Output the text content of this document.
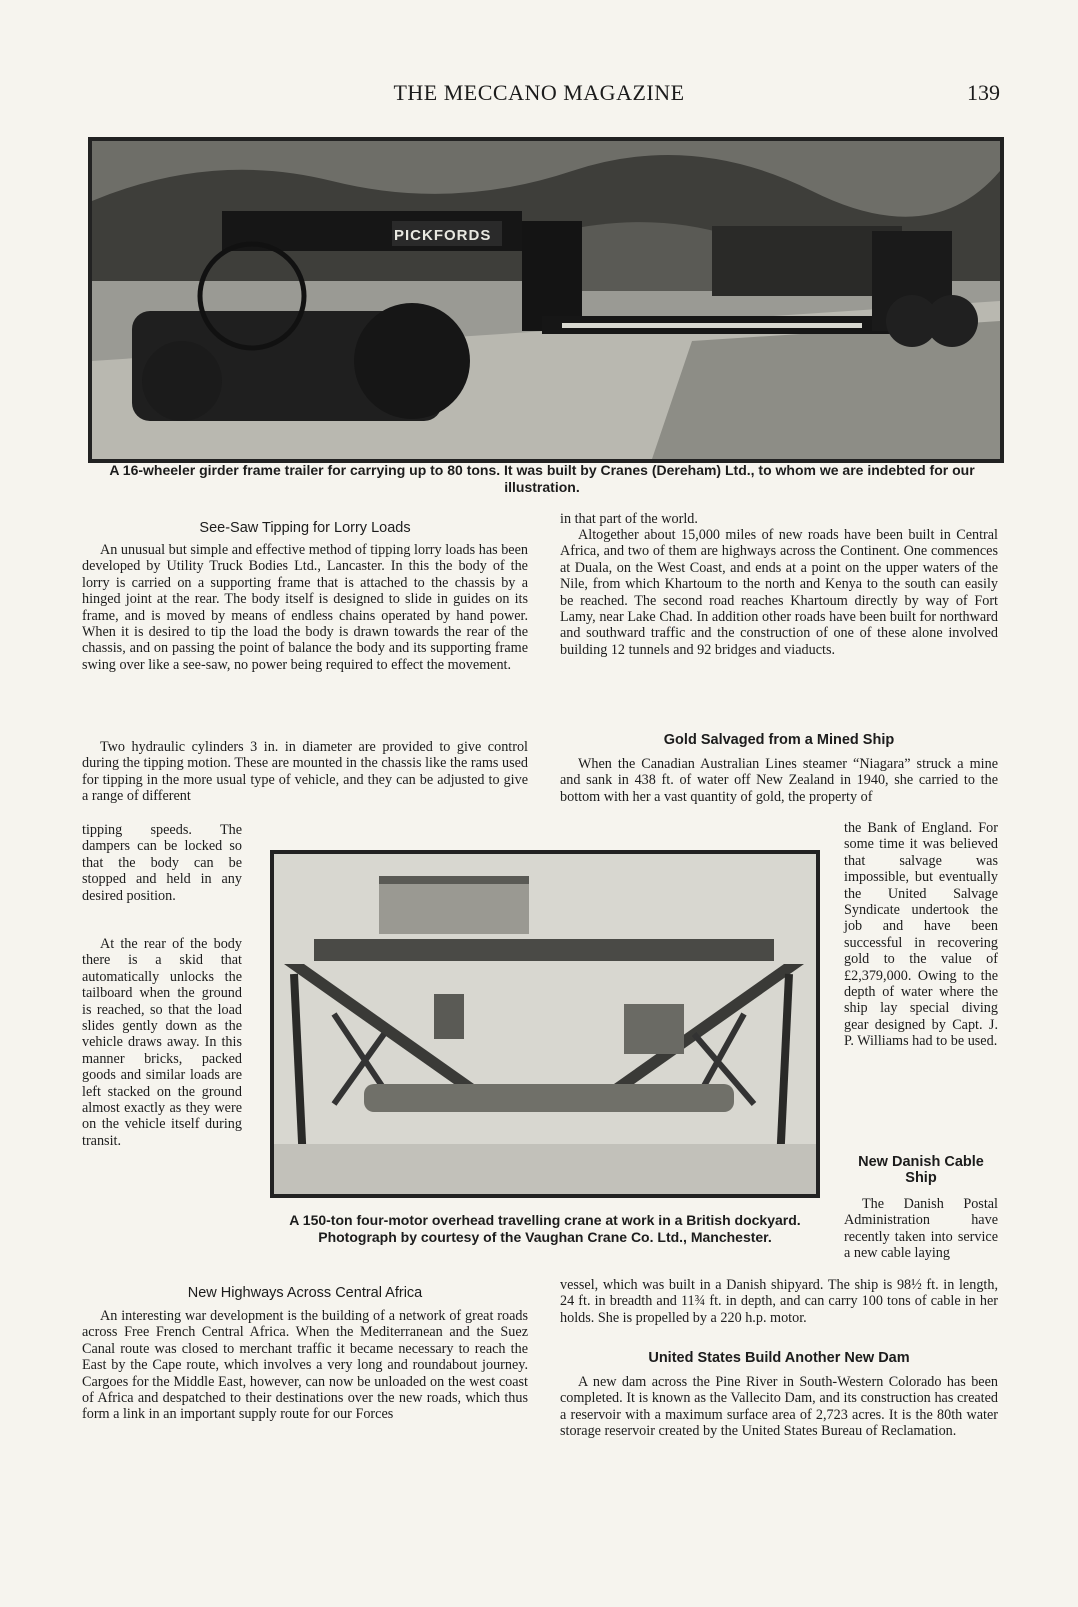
THE MECCANO MAGAZINE	139
PICKFORDS
A 16-wheeler girder frame trailer for carrying up to 80 tons. It was built by Cranes (Dereham) Ltd., to whom we are indebted for our illustration.
See-Saw Tipping for Lorry Loads

An unusual but simple and effective method of tipping lorry loads has been developed by Utility Truck Bodies Ltd., Lancaster. In this the body of the lorry is carried on a supporting frame that is attached to the chassis by a hinged joint at the rear. The body itself is designed to slide in guides on its frame, and is moved by means of endless chains operated by hand power. When it is desired to tip the load the body is drawn towards the rear of the chassis, and on passing the point of balance the body and its supporting frame swing over like a see-saw, no power being required to effect the movement.

Two hydraulic cylinders 3 in. in diameter are provided to give control during the tipping motion. These are mounted in the chassis like the rams used for tipping in the more usual type of vehicle, and they can be adjusted to give a range of different

tipping speeds. The dampers can be locked so that the body can be stopped and held in any desired position.

At the rear of the body there is a skid that automatically unlocks the tailboard when the ground is reached, so that the load slides gently down as the vehicle draws away. In this manner bricks, packed goods and similar loads are left stacked on the ground almost exactly as they were on the vehicle itself during transit.

A 150-ton four-motor overhead travelling crane at work in a British dockyard. Photograph by courtesy of the Vaughan Crane Co. Ltd., Manchester.
New Highways Across Central Africa

An interesting war development is the building of a network of great roads across Free French Central Africa. When the Mediterranean and the Suez Canal route was closed to merchant traffic it became necessary to reach the East by the Cape route, which involves a very long and roundabout journey. Cargoes for the Middle East, however, can now be unloaded on the west coast of Africa and despatched to their destinations over the new roads, which thus form a link in an important supply route for our Forces

in that part of the world.

Altogether about 15,000 miles of new roads have been built in Central Africa, and two of them are highways across the Continent. One commences at Duala, on the West Coast, and ends at a point on the upper waters of the Nile, from which Khartoum to the north and Kenya to the south can easily be reached. The second road reaches Khartoum directly by way of Fort Lamy, near Lake Chad. In addition other roads have been built for northward and southward traffic and the construction of one of these alone involved building 12 tunnels and 92 bridges and viaducts.

Gold Salvaged from a Mined Ship

When the Canadian Australian Lines steamer “Niagara” struck a mine and sank in 438 ft. of water off New Zealand in 1940, she carried to the bottom with her a vast quantity of gold, the property of

the Bank of England. For some time it was believed that salvage was impossible, but eventually the United Salvage Syndicate undertook the job and have been successful in recovering gold to the value of £2,379,000. Owing to the depth of water where the ship lay special diving gear designed by Capt. J. P. Williams had to be used.

New Danish Cable Ship

The Danish Postal Administration have recently taken into service a new cable laying

vessel, which was built in a Danish shipyard. The ship is 98½ ft. in length, 24 ft. in breadth and 11¾ ft. in depth, and can carry 100 tons of cable in her holds. She is propelled by a 220 h.p. motor.

United States Build Another New Dam

A new dam across the Pine River in South-Western Colorado has been completed. It is known as the Vallecito Dam, and its construction has created a reservoir with a maximum surface area of 2,723 acres. It is the 80th water storage reservoir created by the United States Bureau of Reclamation.
